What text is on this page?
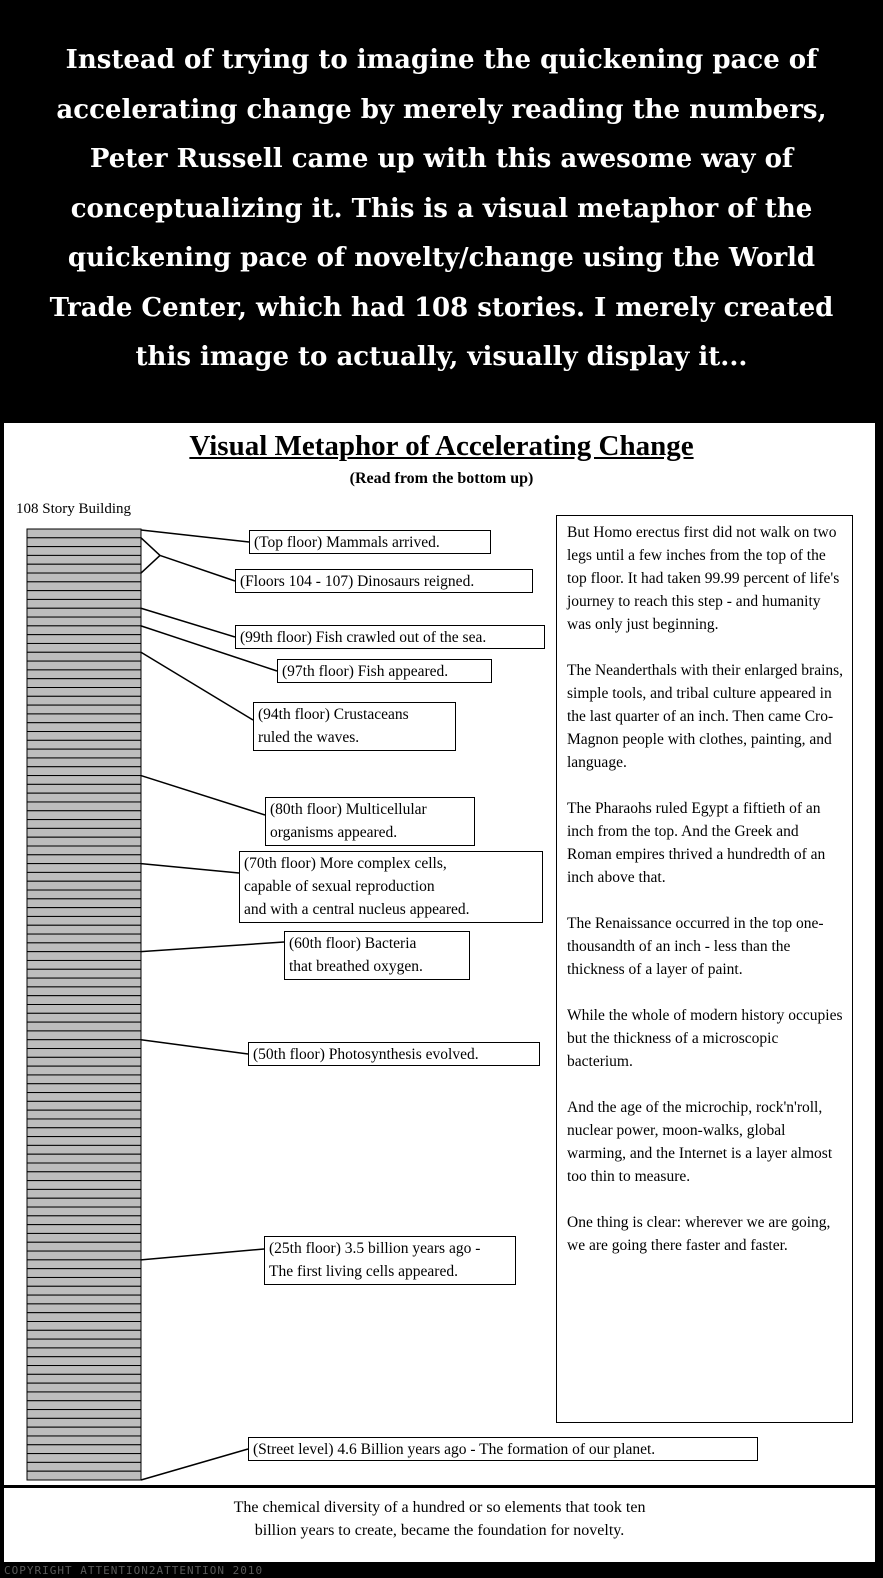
Instead of trying to imagine the quickening pace of
accelerating change by merely reading the numbers,
Peter Russell came up with this awesome way of
conceptualizing it. This is a visual metaphor of the
quickening pace of novelty/change using the World
Trade Center, which had 108 stories. I merely created
this image to actually, visually display it...
Visual Metaphor of Accelerating Change
(Read from the bottom up)
108 Story Building
(Top floor) Mammals arrived.
(Floors 104 - 107) Dinosaurs reigned.
(99th floor) Fish crawled out of the sea.
(97th floor) Fish appeared.
(94th floor) Crustaceans
ruled the waves.
(80th floor) Multicellular
organisms appeared.
(70th floor) More complex cells,
capable of sexual reproduction
and with a central nucleus appeared.
(60th floor) Bacteria
that breathed oxygen.
(50th floor) Photosynthesis evolved.
(25th floor) 3.5 billion years ago -
The first living cells appeared.
(Street level) 4.6 Billion years ago - The formation of our planet.

But Homo erectus first did not walk on two legs until a few inches from the top of the top floor. It had taken 99.99 percent of life's journey to reach this step - and humanity was only just beginning.

The Neanderthals with their enlarged brains, simple tools, and tribal culture appeared in the last quarter of an inch. Then came Cro-Magnon people with clothes, painting, and language.

The Pharaohs ruled Egypt a fiftieth of an inch from the top. And the Greek and Roman empires thrived a hundredth of an inch above that.

The Renaissance occurred in the top one-thousandth of an inch - less than the thickness of a layer of paint.

While the whole of modern history occupies but the thickness of a microscopic bacterium.

And the age of the microchip, rock'n'roll, nuclear power, moon-walks, global warming, and the Internet is a layer almost too thin to measure.

One thing is clear: wherever we are going, we are going there faster and faster.

The chemical diversity of a hundred or so elements that took ten
billion years to create, became the foundation for novelty.
COPYRIGHT ATTENTION2ATTENTION 2010
